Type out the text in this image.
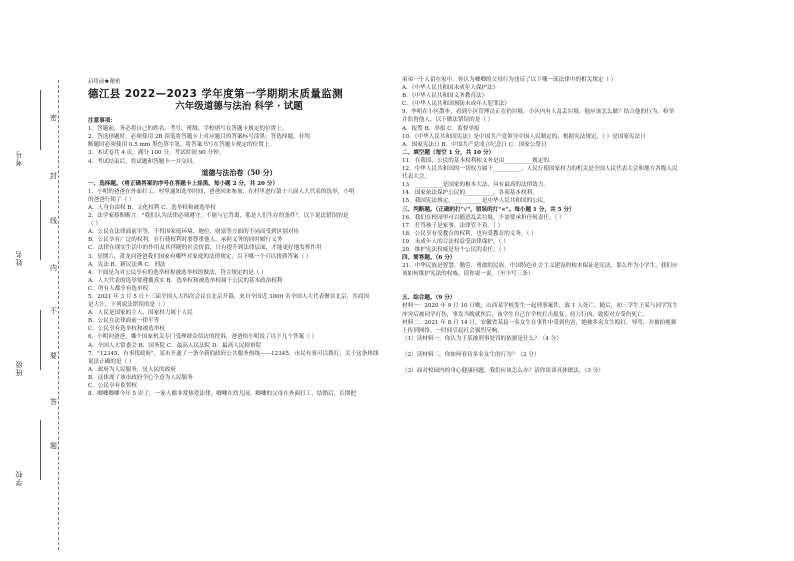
考号
姓名
班级
学校
密
封
线
内
不
要
答
题
启用前★秘密
德江县 2022—2023 学年度第一学期期末质量监测
六年级道德与法治 科学 · 试题
注意事项:
1．答题前，务必将自己的姓名、考号、班级、学校填写在答题卡规定的位置上。
2．答选择题时，必须使用 2B 铅笔将答题卡上对应题目的答案标号涂黑；答选择题、非判
断题时必须使用 0.5 mm 黑色签字笔，将答案书写在答题卡规定的位置上。
3．本试卷共 4 页，满分 100 分，考试时间 90 分钟。
4．考试结束后，将试题和答题卡一并交回。
道德与法治卷（50 分）
一、选择题。（将正确答案的序号在答题卡上涂黑。每小题 2 分，共 20 分）
1．小明的爸爸在外面打工，村里通知选举时间，爸爸回来参加，在村里进行第十八届人大代表的选举，小明
的爸爸行使了（ ）
A．人身自由权 B．文化权利 C．选举权和被选举权
2．法学家蔡斯断言："我们认为法律必须遵守，不能与它背离，那是人们生存的条件"，以下说法错误的是
（ ）
A．公民在法律面前平等，不得因家庭环境、地位、财富等方面的不同而受到区别对待
B．公民享有广泛的权利，在行使权利时要尊重他人，承担义务的同时履行义务
C．法律在现实生活中的作用及其伴随的社会价值，只有提升到法律层面，才能更好地发挥作用
3．星期六，黄龙问爸爸我们国家有哪些对家庭的法律规定，以下哪一个可以找到答案（ ）
A．宪法 B．新民法典 C．刑法
4．下面是为对公民享有的选举权和被选举权的做法，符合规定的是（ ）
A．人大代表的选举要遵循真实 B．选举权和被选举权属于公民的基本政治权利
C．所有人都享有选举权
5．2021 年 3 月 5 日十三届全国人大四次会议在北京开幕，来自全国近 3000 名全国人大代表聚首北京，共商国
是大计，下列说法错误的是（ ）
A．人民是国家的主人，国家权力属于人民
B．公民在法律面前一律平等
C．公民享有选举权和被选举权
6．小明问爸爸，哪个国家机关专门受理群众信访的投诉，爸爸给小明说了以下几个答案（ ）
A．全国人大常委会 B．国务院 C．最高人民法院 D．最高人民检察院
7．"12345，有事找政府"，某市开通了一条全新的政府公共服务热线——12345，市民有事可以拨打，关于这条热线
说法正确的是（ ）
A．政府为人民服务，是人民的政府
B．这体现了该市政府全心全意为人民服务
C．公民享有监督权
8．卿卿卿卿今年 5 岁了，一家人都非常热爱法律，卿卿在幼儿园，卿卿的父母在外面打工，结婚后，长期把
弟弟一个人留在家中。你认为卿卿的父母行为违反了以下哪一部法律中的相关规定（ ）
A．《中华人民共和国未成年人保护法》
B．《中华人民共和国义务教育法》
C．《中华人民共和国预防未成年人犯罪法》
9．李明在小区散步，看到小区管理员正在扔垃圾，小区内有人乱丢垃圾，他应该怎么做？结合他的行为，检举
并监督他人，以下做法错误的是（ ）
A．报警 B．举报 C．监督举报
10．《中华人民共和国宪法》是中国共产党领导中国人民制定的，根据宪法规定，（ ）是国家宪法日
A．国家宪法日 B．中国共产党成立纪念日 C．国家公祭日
二、填空题（每空 1 分，共 10 分）
11．在我国，公民的基本权利和义务是由__________规定的。
12．中华人民共和国的一切权力属于__________。人民行使国家权力的机关是全国人民代表大会和地方各级人民
代表大会。
13．__________是国家的根本大法，具有最高的法律效力。
14．国家依法保护公民的__________，各项基本权利。
15．我国宪法规定，__________是中华人民共和国的公民。
三、判断题。（正确的打"√"，错误的打"×"。每小题 1 分，共 5 分）
16．我们在校园里可以随意乱丢垃圾，不需要承担任何责任。（ ）
17．打骂孩子是家事，法律管不着。（ ）
18．公民享有受教育的权利，也有受教育的义务。（ ）
19．未成年人的合法权益受法律保护。（ ）
20．维护宪法权威是每个公民的责任。（ ）
四、简答题。（6 分）
21．中华民族是智慧、勤劳、勇敢的民族，中国特色社会主义建设的根本保证是宪法，那么作为小学生，我们应
该如何维护宪法的权威，请你说一说。（至少写三条）
五、综合题。（9 分）
材料一：2020 年 9 月 10 日晚，山西某学校发生一起刑事案件，致 1 人死亡。随后，初三学生王某与同学发生
冲突后被同学打伤，事发当晚就医后，该学生自己在学校打击报复，持刀行凶，致使对方受伤死亡。
材料二：2021 年 8 月 14 日，安徽省某县一名女生在事件中受到伤害，她被多名女生殴打、辱骂，并被拍视频
上传到网络，一时间引起社会强烈反响。
（1）读材料一，你认为王某被刑事处罚的依据是什么？（4 分）
（2）读材料二，你如何看待多名女生的行为？（2 分）
（3）面对校园内的身心健康问题，我们应该怎么办？请你谈谈具体做法。（3 分）
